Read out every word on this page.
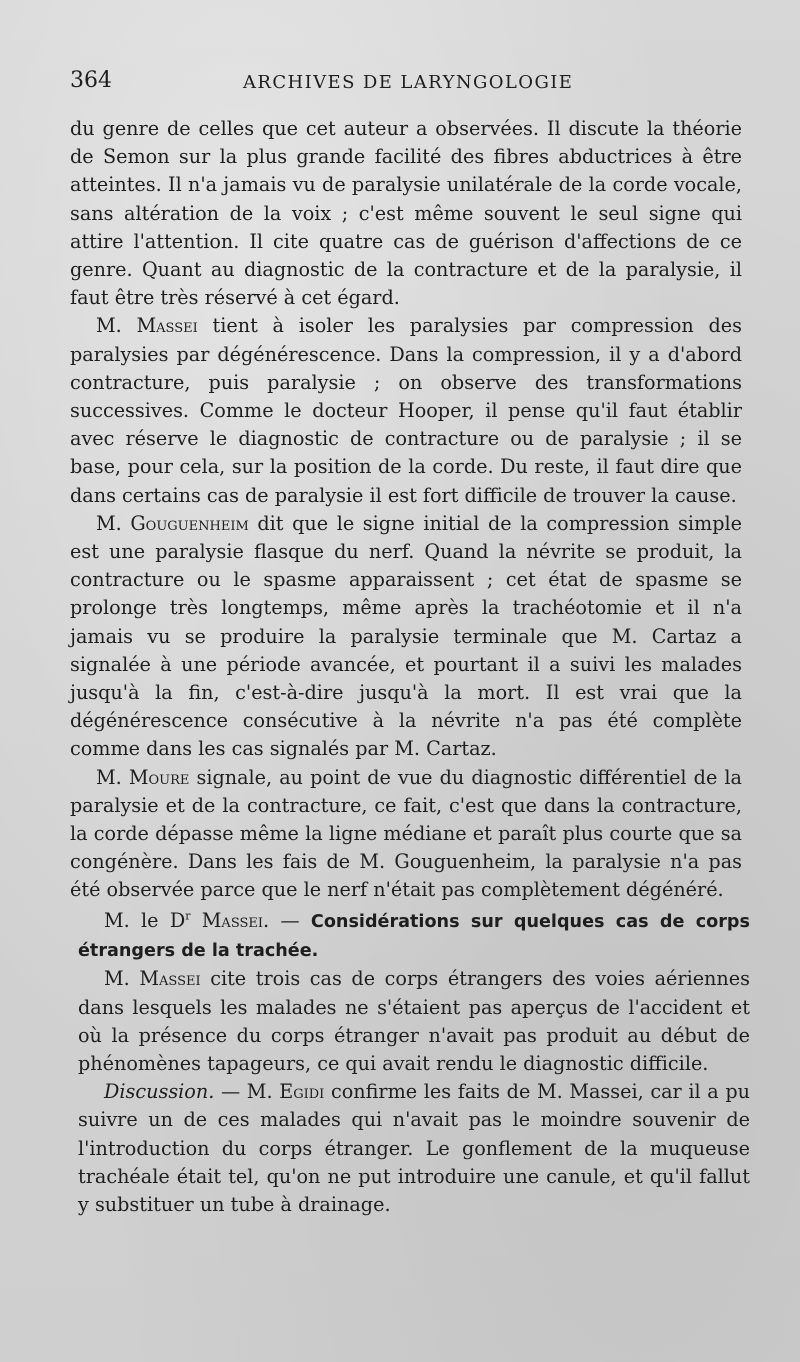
364	ARCHIVES DE LARYNGOLOGIE

du genre de celles que cet auteur a observées. Il discute la théorie de Semon sur la plus grande facilité des fibres abductrices à être atteintes. Il n'a jamais vu de paralysie unilatérale de la corde vocale, sans altération de la voix ; c'est même souvent le seul signe qui attire l'attention. Il cite quatre cas de guérison d'affections de ce genre. Quant au diagnostic de la contracture et de la paralysie, il faut être très réservé à cet égard.

M. Massei tient à isoler les paralysies par compression des paralysies par dégénérescence. Dans la compression, il y a d'abord contracture, puis paralysie ; on observe des transformations successives. Comme le docteur Hooper, il pense qu'il faut établir avec réserve le diagnostic de contracture ou de paralysie ; il se base, pour cela, sur la position de la corde. Du reste, il faut dire que dans certains cas de paralysie il est fort difficile de trouver la cause.

M. Gouguenheim dit que le signe initial de la compression simple est une paralysie flasque du nerf. Quand la névrite se produit, la contracture ou le spasme apparaissent ; cet état de spasme se prolonge très longtemps, même après la trachéotomie et il n'a jamais vu se produire la paralysie terminale que M. Cartaz a signalée à une période avancée, et pourtant il a suivi les malades jusqu'à la fin, c'est-à-dire jusqu'à la mort. Il est vrai que la dégénérescence consécutive à la névrite n'a pas été complète comme dans les cas signalés par M. Cartaz.

M. Moure signale, au point de vue du diagnostic différentiel de la paralysie et de la contracture, ce fait, c'est que dans la contracture, la corde dépasse même la ligne médiane et paraît plus courte que sa congénère. Dans les fais de M. Gouguenheim, la paralysie n'a pas été observée parce que le nerf n'était pas complètement dégénéré.

M. le $D^r$ Massei. — Considérations sur quelques cas de corps étrangers de la trachée.

M. Massei cite trois cas de corps étrangers des voies aériennes dans lesquels les malades ne s'étaient pas aperçus de l'accident et où la présence du corps étranger n'avait pas produit au début de phénomènes tapageurs, ce qui avait rendu le diagnostic difficile.

Discussion. — M. Egidi confirme les faits de M. Massei, car il a pu suivre un de ces malades qui n'avait pas le moindre souvenir de l'introduction du corps étranger. Le gonflement de la muqueuse trachéale était tel, qu'on ne put introduire une canule, et qu'il fallut y substituer un tube à drainage.
